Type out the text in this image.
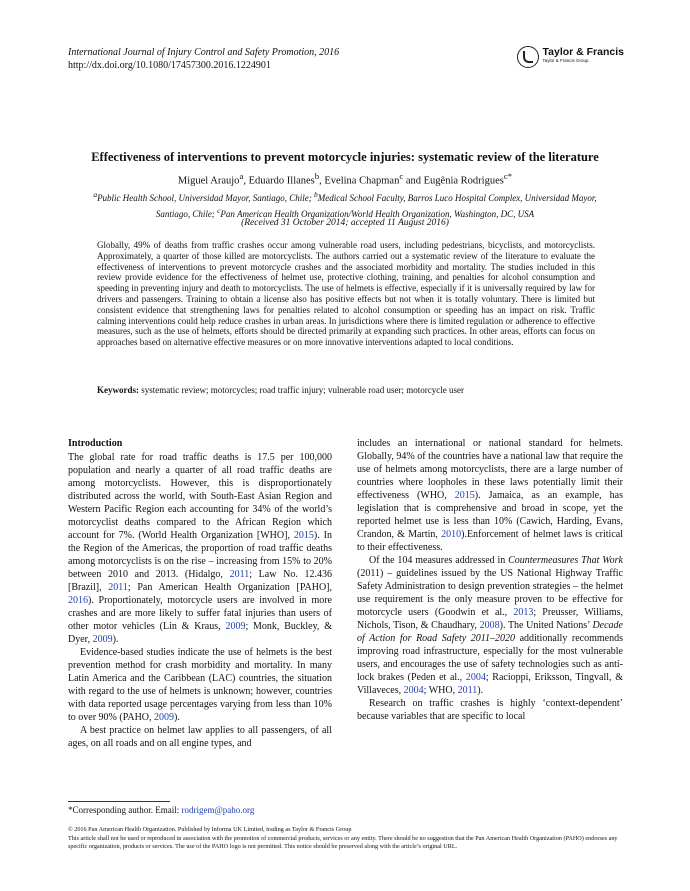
International Journal of Injury Control and Safety Promotion, 2016
http://dx.doi.org/10.1080/17457300.2016.1224901
Taylor & Francis
Taylor & Francis Group
Effectiveness of interventions to prevent motorcycle injuries: systematic review of the literature
Miguel Araujo$^a$, Eduardo Illanes$^b$, Evelina Chapman$^c$ and Eugênia Rodrigues$^{c*}$
$^a$Public Health School, Universidad Mayor, Santiago, Chile; $^b$Medical School Faculty, Barros Luco Hospital Complex, Universidad Mayor, Santiago, Chile; $^c$Pan American Health Organization/World Health Organization, Washington, DC, USA
(Received 31 October 2014; accepted 11 August 2016)
Globally, 49% of deaths from traffic crashes occur among vulnerable road users, including pedestrians, bicyclists, and motorcyclists. Approximately, a quarter of those killed are motorcyclists. The authors carried out a systematic review of the literature to evaluate the effectiveness of interventions to prevent motorcycle crashes and the associated morbidity and mortality. The studies included in this review provide evidence for the effectiveness of helmet use, protective clothing, training, and penalties for alcohol consumption and speeding in preventing injury and death to motorcyclists. The use of helmets is effective, especially if it is universally required by law for drivers and passengers. Training to obtain a license also has positive effects but not when it is totally voluntary. There is limited but consistent evidence that strengthening laws for penalties related to alcohol consumption or speeding has an impact on risk. Traffic calming interventions could help reduce crashes in urban areas. In jurisdictions where there is limited regulation or adherence to effective measures, such as the use of helmets, efforts should be directed primarily at expanding such practices. In other areas, efforts can focus on approaches based on alternative effective measures or on more innovative interventions adapted to local conditions.
Keywords: systematic review; motorcycles; road traffic injury; vulnerable road user; motorcycle user
Introduction

The global rate for road traffic deaths is 17.5 per 100,000 population and nearly a quarter of all road traffic deaths are among motorcyclists. However, this is disproportionately distributed across the world, with South-East Asian Region and Western Pacific Region each accounting for 34% of the world’s motorcyclist deaths compared to the African Region which account for 7%. (World Health Organization [WHO], 2015). In the Region of the Americas, the proportion of road traffic deaths among motorcyclists is on the rise – increasing from 15% to 20% between 2010 and 2013. (Hidalgo, 2011; Law No. 12.436 [Brazil], 2011; Pan American Health Organization [PAHO], 2016). Proportionately, motorcycle users are involved in more crashes and are more likely to suffer fatal injuries than users of other motor vehicles (Lin & Kraus, 2009; Monk, Buckley, & Dyer, 2009).

Evidence-based studies indicate the use of helmets is the best prevention method for crash morbidity and mortality. In many Latin America and the Caribbean (LAC) countries, the situation with regard to the use of helmets is unknown; however, countries with data reported usage percentages varying from less than 10% to over 90% (PAHO, 2009).

A best practice on helmet law applies to all passengers, of all ages, on all roads and on all engine types, and

includes an international or national standard for helmets. Globally, 94% of the countries have a national law that require the use of helmets among motorcyclists, there are a large number of countries where loopholes in these laws potentially limit their effectiveness (WHO, 2015). Jamaica, as an example, has legislation that is comprehensive and broad in scope, yet the reported helmet use is less than 10% (Cawich, Harding, Evans, Crandon, & Martin, 2010).Enforcement of helmet laws is critical to their effectiveness.

Of the 104 measures addressed in Countermeasures That Work (2011) – guidelines issued by the US National Highway Traffic Safety Administration to design prevention strategies – the helmet use requirement is the only measure proven to be effective for motorcycle users (Goodwin et al., 2013; Preusser, Williams, Nichols, Tison, & Chaudhary, 2008). The United Nations’ Decade of Action for Road Safety 2011–2020 additionally recommends improving road infrastructure, especially for the most vulnerable users, and encourages the use of safety technologies such as anti-lock brakes (Peden et al., 2004; Racioppi, Eriksson, Tingvall, & Villaveces, 2004; WHO, 2011).

Research on traffic crashes is highly ‘context-dependent’ because variables that are specific to local

*Corresponding author. Email: rodrigem@paho.org
© 2016 Pan American Health Organization. Published by Informa UK Limited, trading as Taylor & Francis Group
This article shall not be used or reproduced in association with the promotion of commercial products, services or any entity. There should be no suggestion that the Pan American Health Organization (PAHO) endorses any specific organization, products or services. The use of the PAHO logo is not permitted. This notice should be preserved along with the article’s original URL.
